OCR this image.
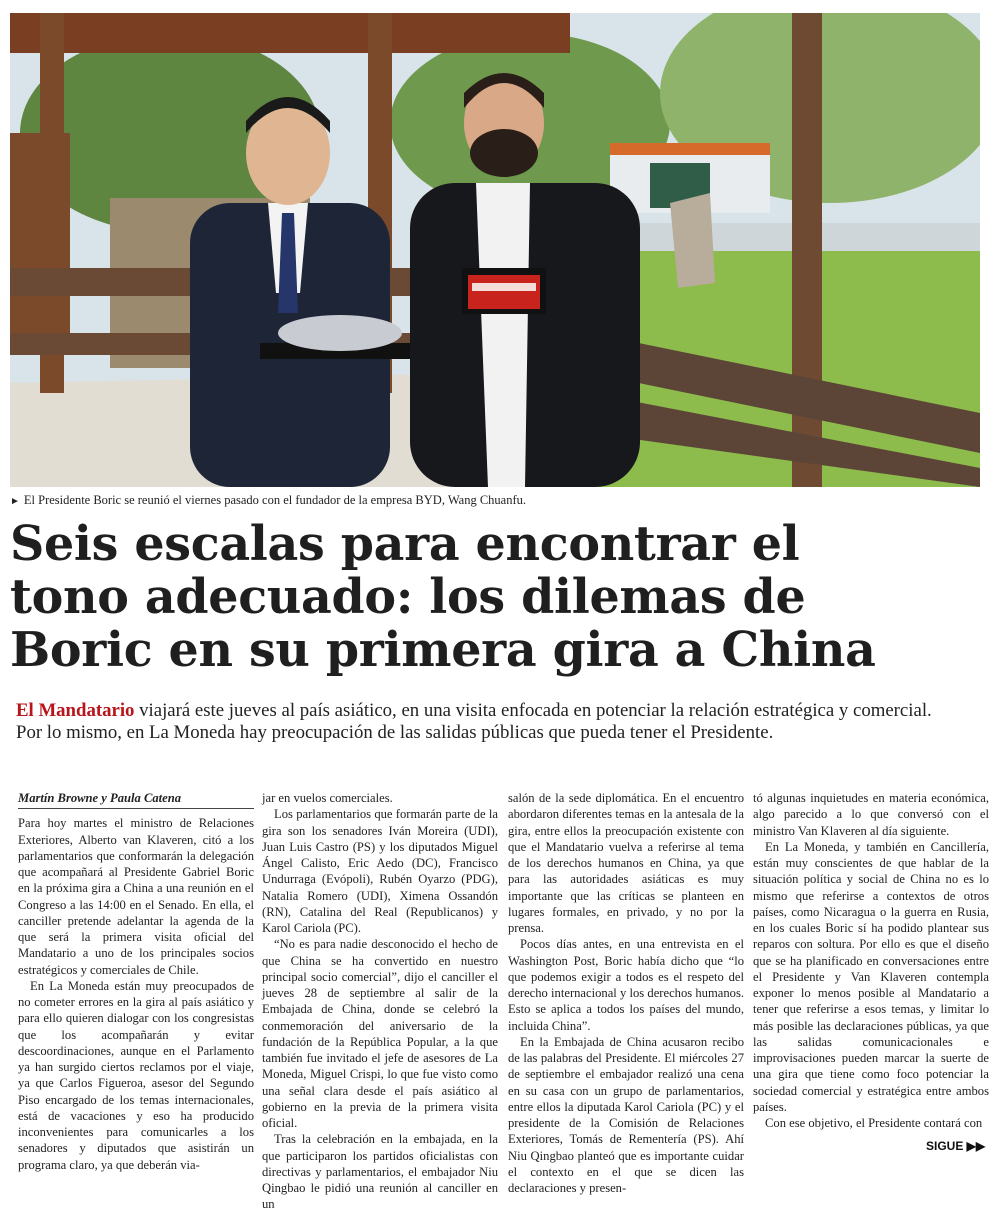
► El Presidente Boric se reunió el viernes pasado con el fundador de la empresa BYD, Wang Chuanfu.
Seis escalas para encontrar el
tono adecuado: los dilemas de
Boric en su primera gira a China
El Mandatario viajará este jueves al país asiático, en una visita enfocada en potenciar la relación estratégica y comercial.
Por lo mismo, en La Moneda hay preocupación de las salidas públicas que pueda tener el Presidente.

Martín Browne y Paula Catena

Para hoy martes el ministro de Relaciones Exteriores, Alberto van Klaveren, citó a los parlamentarios que conformarán la delegación que acompañará al Presidente Gabriel Boric en la próxima gira a China a una reunión en el Congreso a las 14:00 en el Senado. En ella, el canciller pretende adelantar la agenda de la que será la primera visita oficial del Mandatario a uno de los principales socios estratégicos y comerciales de Chile.

En La Moneda están muy preocupados de no cometer errores en la gira al país asiático y para ello quieren dialogar con los congresistas que los acompañarán y evitar descoordinaciones, aunque en el Parlamento ya han surgido ciertos reclamos por el viaje, ya que Carlos Figueroa, asesor del Segundo Piso encargado de los temas internacionales, está de vacaciones y eso ha producido inconvenientes para comunicarles a los senadores y diputados que asistirán un programa claro, ya que deberán via-

jar en vuelos comerciales.

Los parlamentarios que formarán parte de la gira son los senadores Iván Moreira (UDI), Juan Luis Castro (PS) y los diputados Miguel Ángel Calisto, Eric Aedo (DC), Francisco Undurraga (Evópoli), Rubén Oyarzo (PDG), Natalia Romero (UDI), Ximena Ossandón (RN), Catalina del Real (Republicanos) y Karol Cariola (PC).

“No es para nadie desconocido el hecho de que China se ha convertido en nuestro principal socio comercial”, dijo el canciller el jueves 28 de septiembre al salir de la Embajada de China, donde se celebró la conmemoración del aniversario de la fundación de la República Popular, a la que también fue invitado el jefe de asesores de La Moneda, Miguel Crispi, lo que fue visto como una señal clara desde el país asiático al gobierno en la previa de la primera visita oficial.

Tras la celebración en la embajada, en la que participaron los partidos oficialistas con directivas y parlamentarios, el embajador Niu Qingbao le pidió una reunión al canciller en un

salón de la sede diplomática. En el encuentro abordaron diferentes temas en la antesala de la gira, entre ellos la preocupación existente con que el Mandatario vuelva a referirse al tema de los derechos humanos en China, ya que para las autoridades asiáticas es muy importante que las críticas se planteen en lugares formales, en privado, y no por la prensa.

Pocos días antes, en una entrevista en el Washington Post, Boric había dicho que “lo que podemos exigir a todos es el respeto del derecho internacional y los derechos humanos. Esto se aplica a todos los países del mundo, incluida China”.

En la Embajada de China acusaron recibo de las palabras del Presidente. El miércoles 27 de septiembre el embajador realizó una cena en su casa con un grupo de parlamentarios, entre ellos la diputada Karol Cariola (PC) y el presidente de la Comisión de Relaciones Exteriores, Tomás de Rementería (PS). Ahí Niu Qingbao planteó que es importante cuidar el contexto en el que se dicen las declaraciones y presen-

tó algunas inquietudes en materia económica, algo parecido a lo que conversó con el ministro Van Klaveren al día siguiente.

En La Moneda, y también en Cancillería, están muy conscientes de que hablar de la situación política y social de China no es lo mismo que referirse a contextos de otros países, como Nicaragua o la guerra en Rusia, en los cuales Boric sí ha podido plantear sus reparos con soltura. Por ello es que el diseño que se ha planificado en conversaciones entre el Presidente y Van Klaveren contempla exponer lo menos posible al Mandatario a tener que referirse a esos temas, y limitar lo más posible las declaraciones públicas, ya que las salidas comunicacionales e improvisaciones pueden marcar la suerte de una gira que tiene como foco potenciar la sociedad comercial y estratégica entre ambos países.

Con ese objetivo, el Presidente contará con

SIGUE ▶▶
